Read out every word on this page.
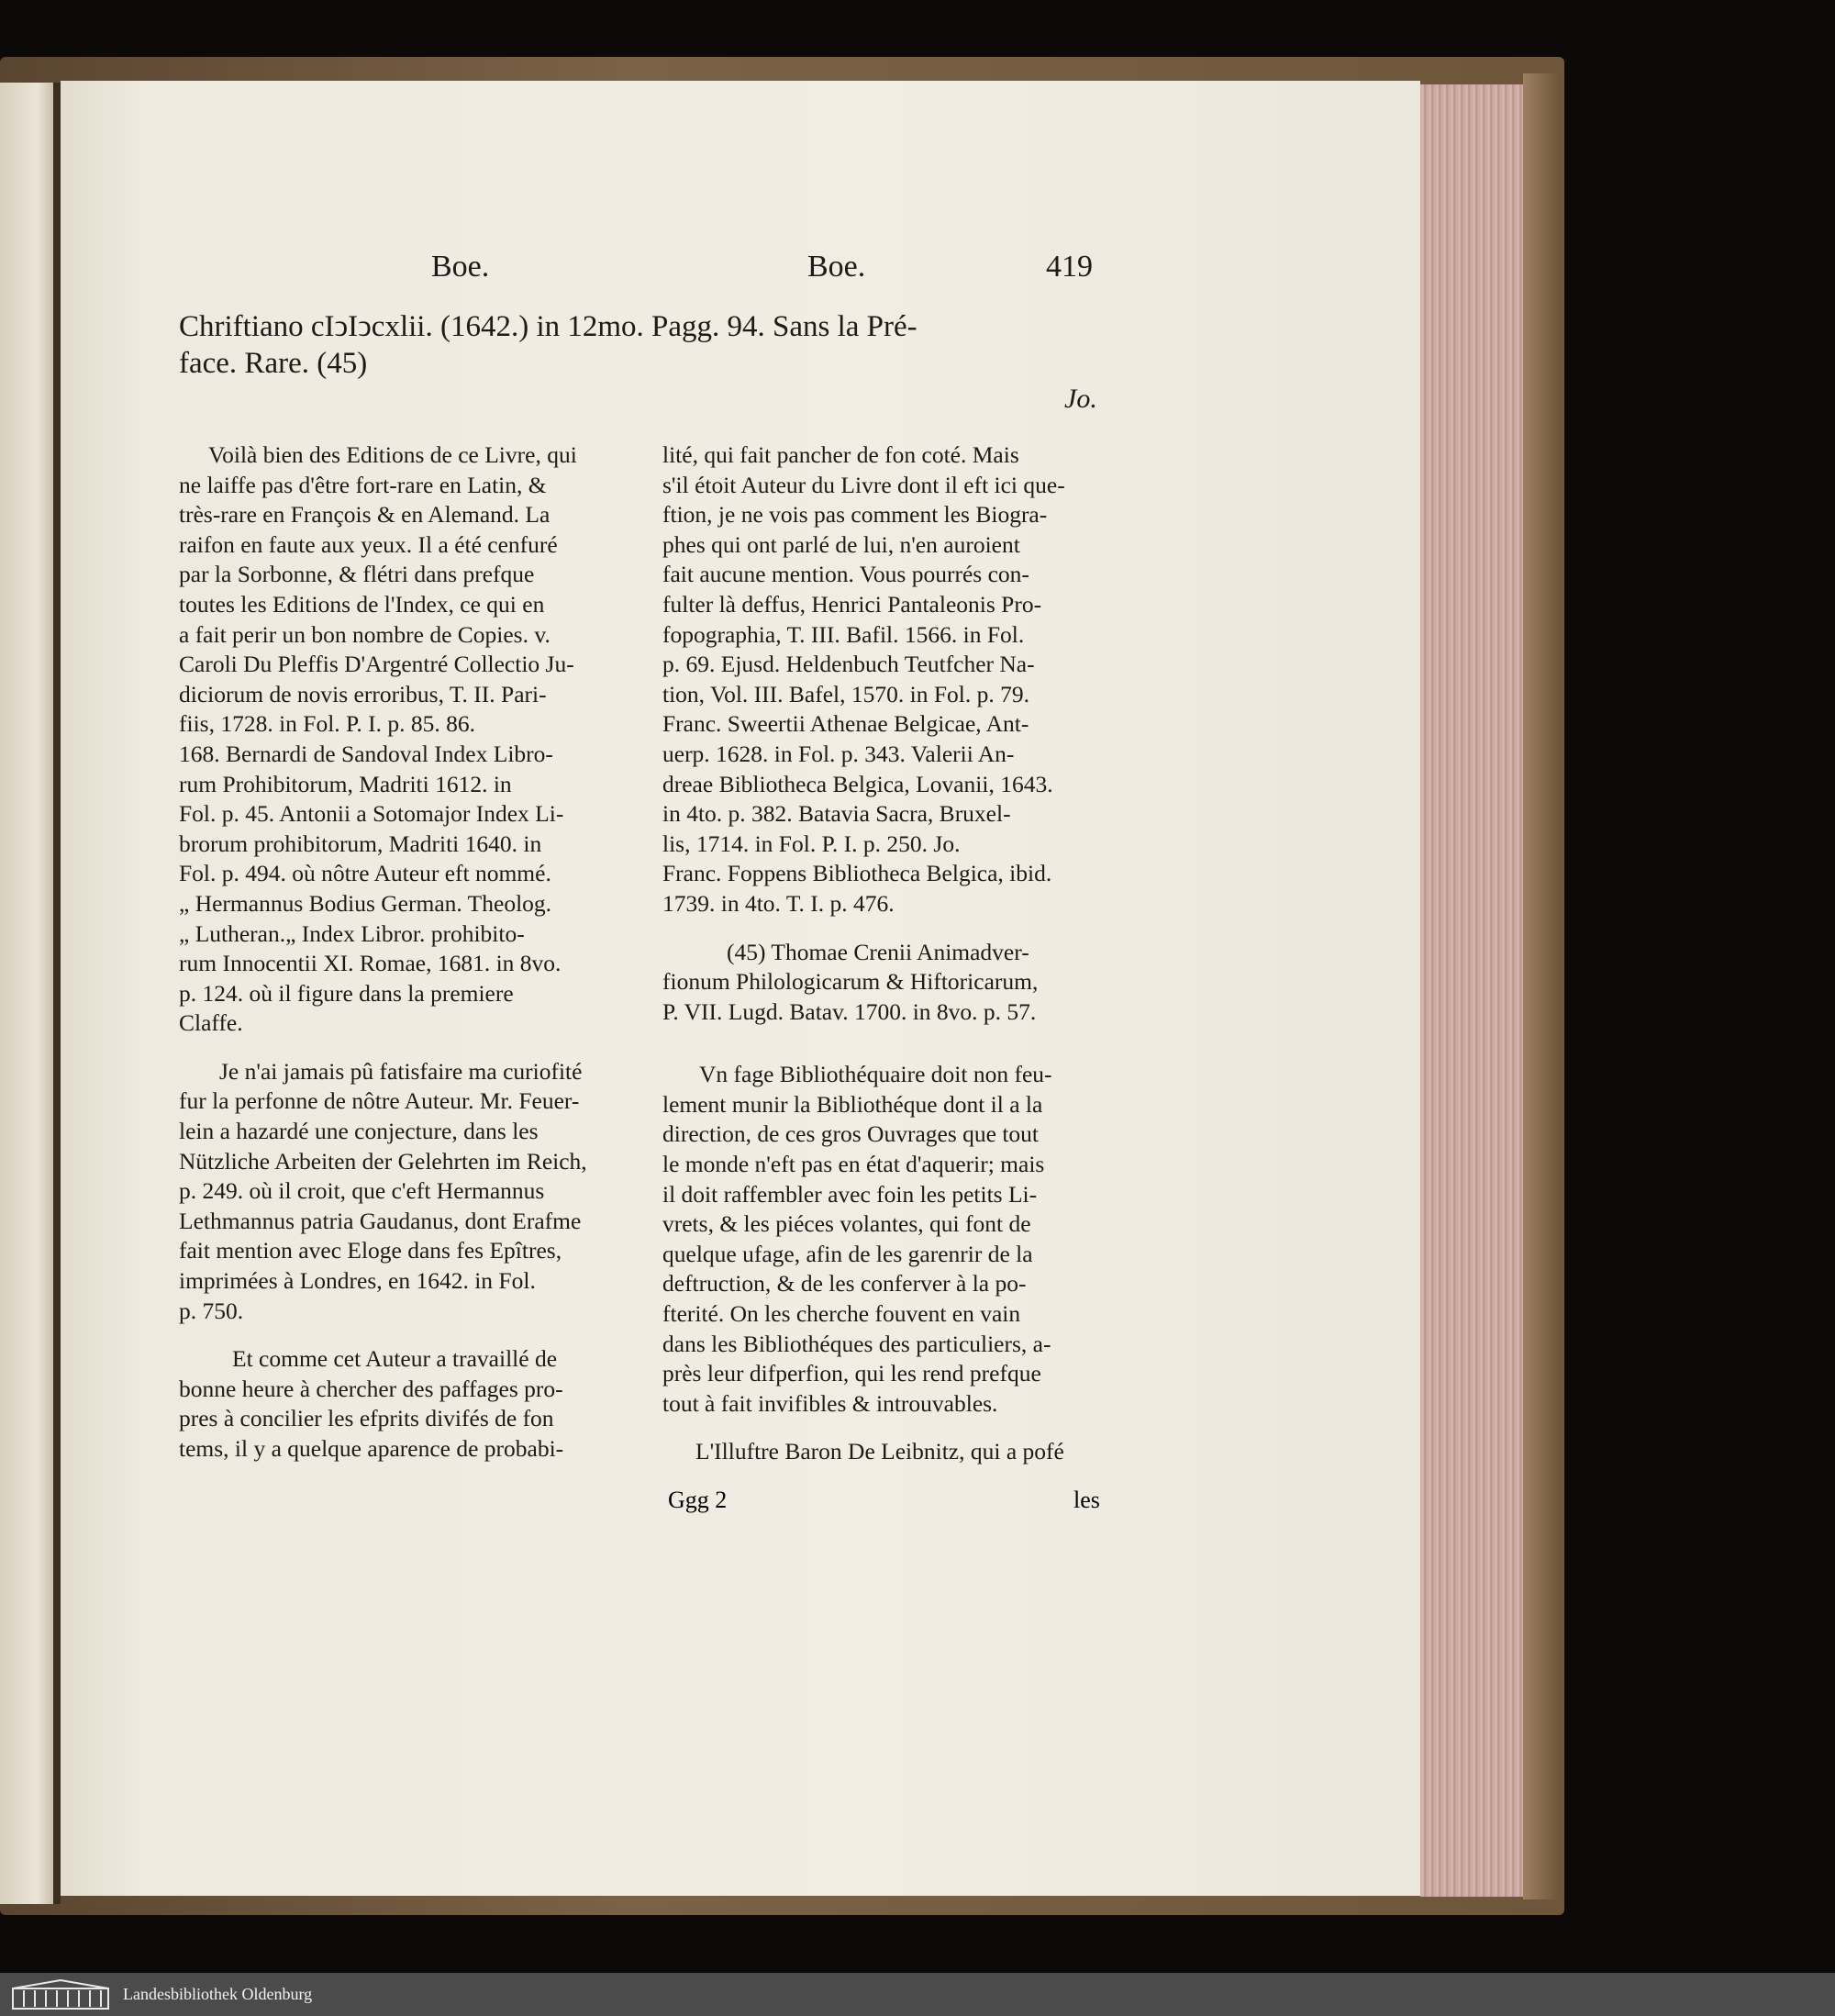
Boe.	Boe.	419
Chriftiano cIↄIↄcxlii. (1642.) in 12mo. Pagg. 94. Sans la Pré-
face. Rare. (45)
Jo.

Voilà bien des Editions de ce Livre, qui

ne laiffe pas d'être fort-rare en Latin, &

très-rare en François & en Alemand. La

raifon en faute aux yeux. Il a été cenfuré

par la Sorbonne, & flétri dans prefque

toutes les Editions de l'Index, ce qui en

a fait perir un bon nombre de Copies. v.

Caroli Du Pleffis D'Argentré Collectio Ju-

diciorum de novis erroribus, T. II. Pari-

fiis, 1728. in Fol. P. I. p. 85. 86.

168. Bernardi de Sandoval Index Libro-

rum Prohibitorum, Madriti 1612. in

Fol. p. 45. Antonii a Sotomajor Index Li-

brorum prohibitorum, Madriti 1640. in

Fol. p. 494. où nôtre Auteur eft nommé.

„ Hermannus Bodius German. Theolog.

„ Lutheran.„ Index Libror. prohibito-

rum Innocentii XI. Romae, 1681. in 8vo.

p. 124. où il figure dans la premiere

Claffe.

Je n'ai jamais pû fatisfaire ma curiofité

fur la perfonne de nôtre Auteur. Mr. Feuer-

lein a hazardé une conjecture, dans les

Nützliche Arbeiten der Gelehrten im Reich,

p. 249. où il croit, que c'eft Hermannus

Lethmannus patria Gaudanus, dont Erafme

fait mention avec Eloge dans fes Epîtres,

imprimées à Londres, en 1642. in Fol.

p. 750.

Et comme cet Auteur a travaillé de

bonne heure à chercher des paffages pro-

pres à concilier les efprits divifés de fon

tems, il y a quelque aparence de probabi-

lité, qui fait pancher de fon coté. Mais

s'il étoit Auteur du Livre dont il eft ici que-

ftion, je ne vois pas comment les Biogra-

phes qui ont parlé de lui, n'en auroient

fait aucune mention. Vous pourrés con-

fulter là deffus, Henrici Pantaleonis Pro-

fopographia, T. III. Bafil. 1566. in Fol.

p. 69. Ejusd. Heldenbuch Teutfcher Na-

tion, Vol. III. Bafel, 1570. in Fol. p. 79.

Franc. Sweertii Athenae Belgicae, Ant-

uerp. 1628. in Fol. p. 343. Valerii An-

dreae Bibliotheca Belgica, Lovanii, 1643.

in 4to. p. 382. Batavia Sacra, Bruxel-

lis, 1714. in Fol. P. I. p. 250. Jo.

Franc. Foppens Bibliotheca Belgica, ibid.

1739. in 4to. T. I. p. 476.

(45) Thomae Crenii Animadver-

fionum Philologicarum & Hiftoricarum,

P. VII. Lugd. Batav. 1700. in 8vo. p. 57.

Vn fage Bibliothéquaire doit non feu-

lement munir la Bibliothéque dont il a la

direction, de ces gros Ouvrages que tout

le monde n'eft pas en état d'aquerir; mais

il doit raffembler avec foin les petits Li-

vrets, & les piéces volantes, qui font de

quelque ufage, afin de les garenrir de la

deftruction, & de les conferver à la po-

fterité. On les cherche fouvent en vain

dans les Bibliothéques des particuliers, a-

près leur difperfion, qui les rend prefque

tout à fait invifibles & introuvables.

L'Illuftre Baron De Leibnitz, qui a pofé

Ggg 2	les
Landesbibliothek Oldenburg
